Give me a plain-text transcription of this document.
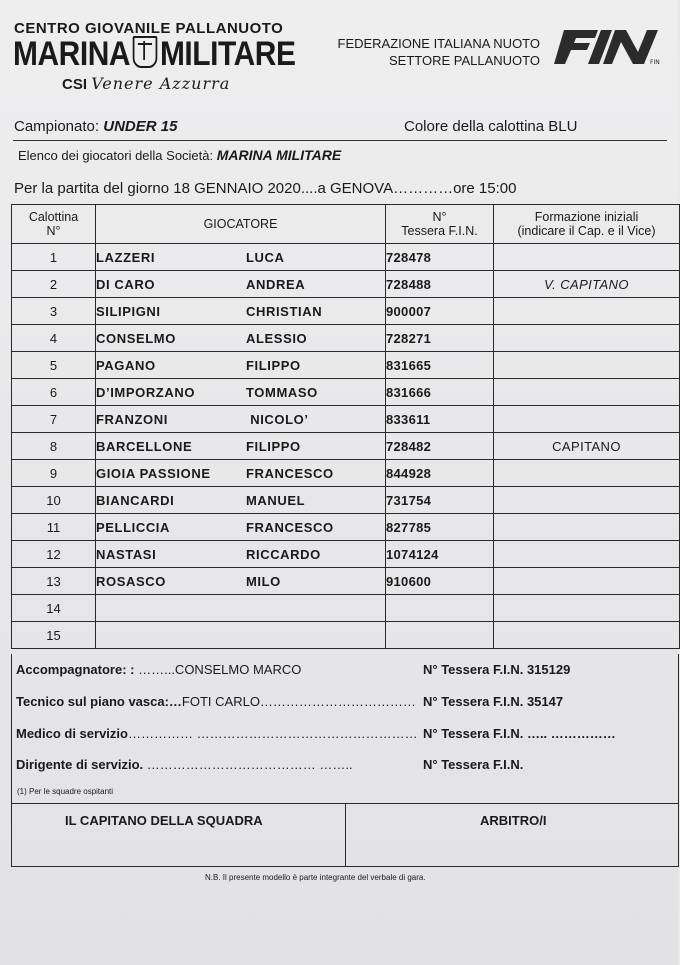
CENTRO GIOVANILE PALLANUOTO
MARINA MILITARE
CSI Venere Azzurra
FEDERAZIONE ITALIANA NUOTO
SETTORE PALLANUOTO	FIN
Campionato: UNDER 15	Colore della calottina BLU
Elenco dei giocatori della Società: MARINA MILITARE
Per la partita del giorno 18 GENNAIO 2020....a GENOVA…………ore 15:00
Calottina
N°	GIOCATORE	N°
Tessera F.I.N.	Formazione iniziali
(indicare il Cap. e il Vice)
1	LAZZERI LUCA	728478	
2	DI CARO ANDREA	728488	V. CAPITANO
3	SILIPIGNI CHRISTIAN	900007	
4	CONSELMO ALESSIO	728271	
5	PAGANO FILIPPO	831665	
6	D’IMPORZANO TOMMASO	831666	
7	FRANZONI NICOLO’	833611	
8	BARCELLONE FILIPPO	728482	CAPITANO
9	GIOIA PASSIONE FRANCESCO	844928	
10	BIANCARDI MANUEL	731754	
11	PELLICCIA FRANCESCO	827785	
12	NASTASI RICCARDO	1074124	
13	ROSASCO MILO	910600	
14			
15			
Accompagnatore: : ……...CONSELMO MARCO	N° Tessera F.I.N. 315129
Tecnico sul piano vasca:…FOTI CARLO……………………………… N° Tessera F.I.N. 35147
Medico di servizio…………… …………………………………………… N° Tessera F.I.N. ….. ……………
Dirigente di servizio. ………………………………… ……..	N° Tessera F.I.N.
(1) Per le squadre ospitanti
IL CAPITANO DELLA SQUADRA	ARBITRO/I
N.B. Il presente modello è parte integrante del verbale di gara.
